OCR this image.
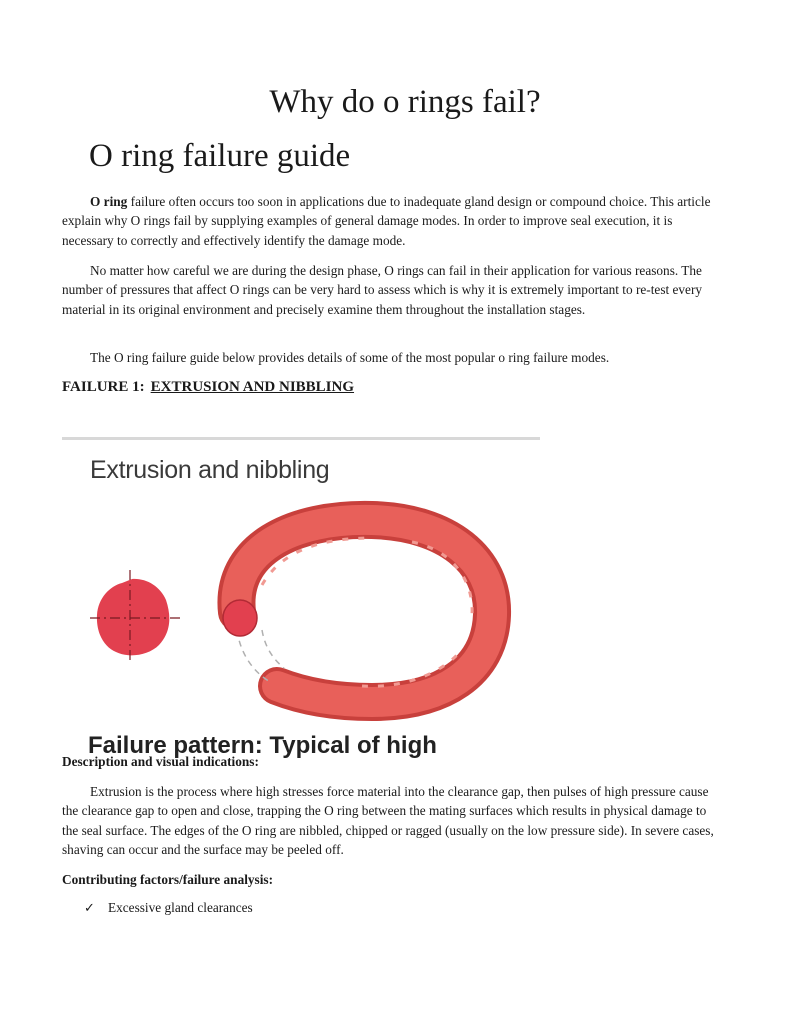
Why do o rings fail?
O ring failure guide

O ring failure often occurs too soon in applications due to inadequate gland design or compound choice. This article explain why O rings fail by supplying examples of general damage modes. In order to improve seal execution, it is necessary to correctly and effectively identify the damage mode.

No matter how careful we are during the design phase, O rings can fail in their application for various reasons. The number of pressures that affect O rings can be very hard to assess which is why it is extremely important to re-test every material in its original environment and precisely examine them throughout the installation stages.

The O ring failure guide below provides details of some of the most popular o ring failure modes.

FAILURE 1: EXTRUSION AND NIBBLING

Extrusion and nibbling

Failure pattern: Typical of high

Description and visual indications:

Extrusion is the process where high stresses force material into the clearance gap, then pulses of high pressure cause the clearance gap to open and close, trapping the O ring between the mating surfaces which results in physical damage to the seal surface. The edges of the O ring are nibbled, chipped or ragged (usually on the low pressure side). In severe cases, shaving can occur and the surface may be peeled off.

Contributing factors/failure analysis:

✓ Excessive gland clearances
